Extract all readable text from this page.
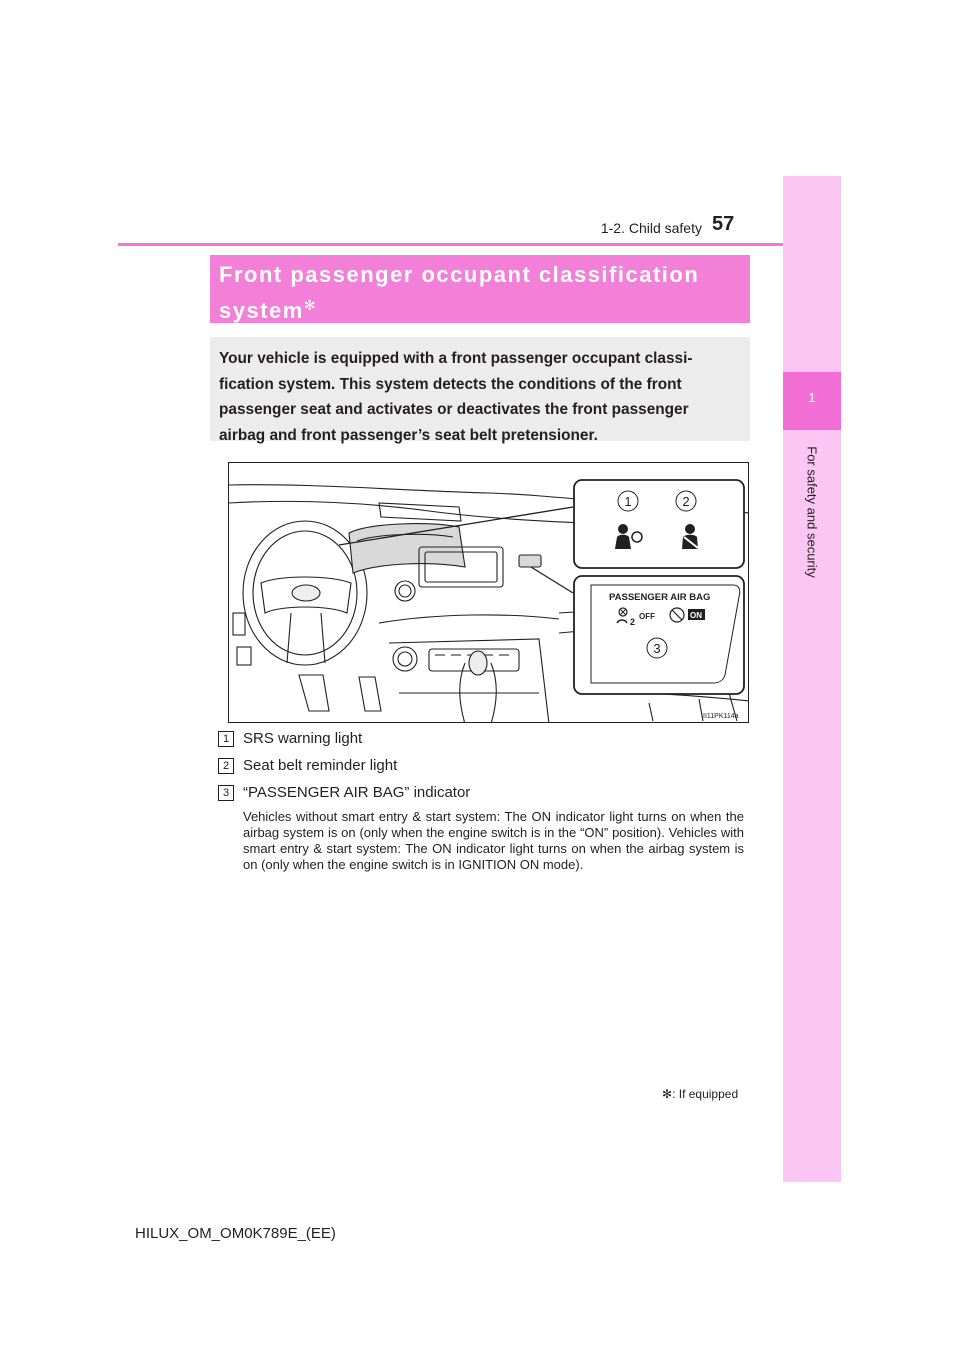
1
For safety and security
1-2. Child safety 57
Front passenger occupant classification
system✻
Your vehicle is equipped with a front passenger occupant classi-
fication system. This system detects the conditions of the front
passenger seat and activates or deactivates the front passenger
airbag and front passenger’s seat belt pretensioner.
1	2
PASSENGER AIR BAG
2
OFF	ON
3
II11PK114a
1 SRS warning light
2 Seat belt reminder light
3 “PASSENGER AIR BAG” indicator
Vehicles without smart entry & start system: The ON indicator light turns on when the airbag system is on (only when the engine switch is in the “ON” position). Vehicles with smart entry & start system: The ON indicator light turns on when the airbag system is on (only when the engine switch is in IGNITION ON mode).
✻: If equipped
HILUX_OM_OM0K789E_(EE)
